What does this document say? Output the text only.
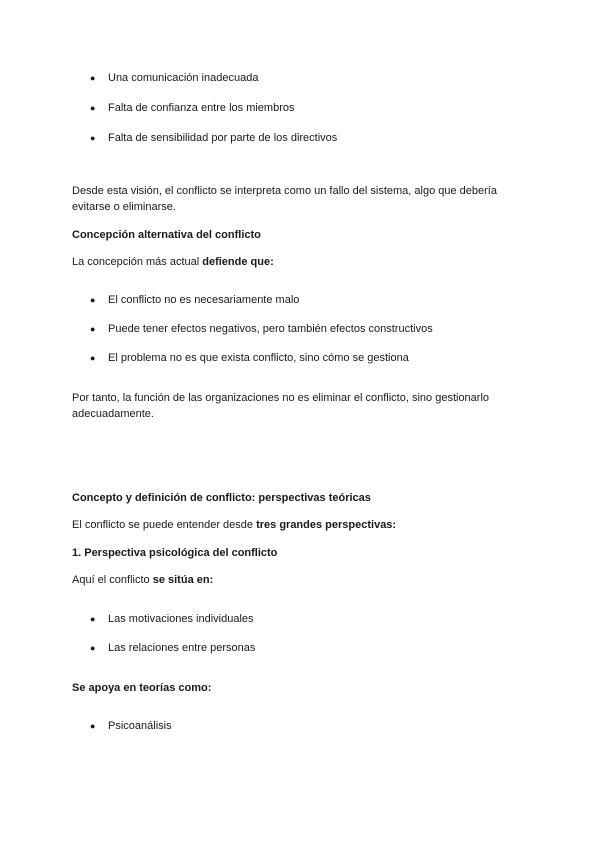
● Una comunicación inadecuada
● Falta de confianza entre los miembros
● Falta de sensibilidad por parte de los directivos
Desde esta visión, el conflicto se interpreta como un fallo del sistema, algo que debería evitarse o eliminarse.
Concepción alternativa del conflicto
La concepción más actual defiende que:
● El conflicto no es necesariamente malo
● Puede tener efectos negativos, pero también efectos constructivos
● El problema no es que exista conflicto, sino cómo se gestiona
Por tanto, la función de las organizaciones no es eliminar el conflicto, sino gestionarlo adecuadamente.
Concepto y definición de conflicto: perspectivas teóricas
El conflicto se puede entender desde tres grandes perspectivas:
1. Perspectiva psicológica del conflicto
Aquí el conflicto se sitúa en:
● Las motivaciones individuales
● Las relaciones entre personas
Se apoya en teorías como:
● Psicoanálisis
